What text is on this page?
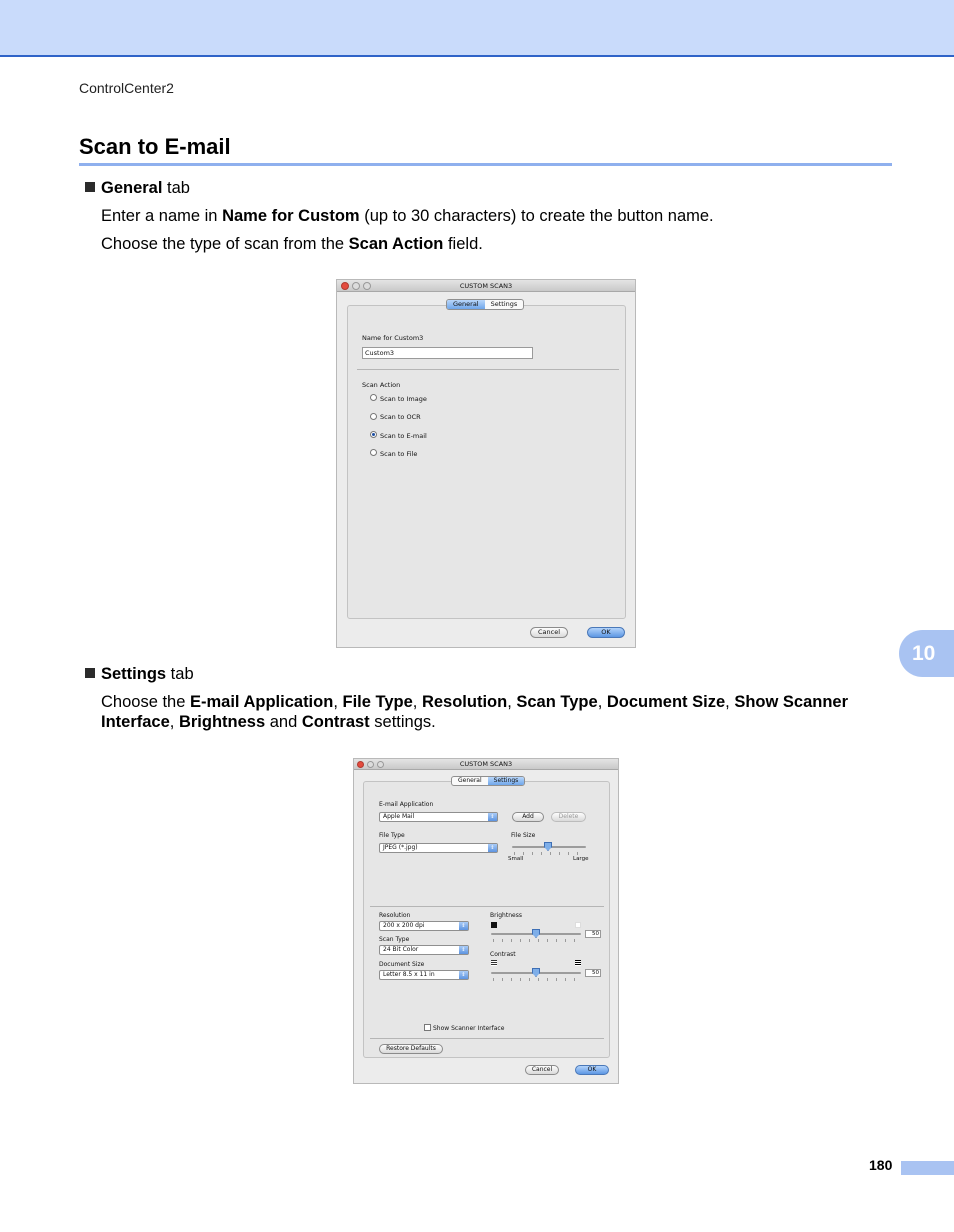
ControlCenter2
Scan to E-mail
General tab
Enter a name in Name for Custom (up to 30 characters) to create the button name.
Choose the type of scan from the Scan Action field.
CUSTOM SCAN3
General	Settings
Name for Custom3
Custom3
Scan Action
Scan to Image
Scan to OCR
Scan to E-mail
Scan to File
Cancel	OK
Settings tab
Choose the E-mail Application, File Type, Resolution, Scan Type, Document Size, Show Scanner Interface, Brightness and Contrast settings.
CUSTOM SCAN3
General	Settings
E-mail Application
Apple Mail	⇕	Add	Delete
File Type
JPEG (*.jpg)	⇕
File Size
Small	Large
Resolution
200 x 200 dpi	⇕
Scan Type
24 Bit Color	⇕
Document Size
Letter 8.5 x 11 in	⇕
Brightness
50
Contrast
50
Show Scanner Interface
Restore Defaults
Cancel	OK
10
180
